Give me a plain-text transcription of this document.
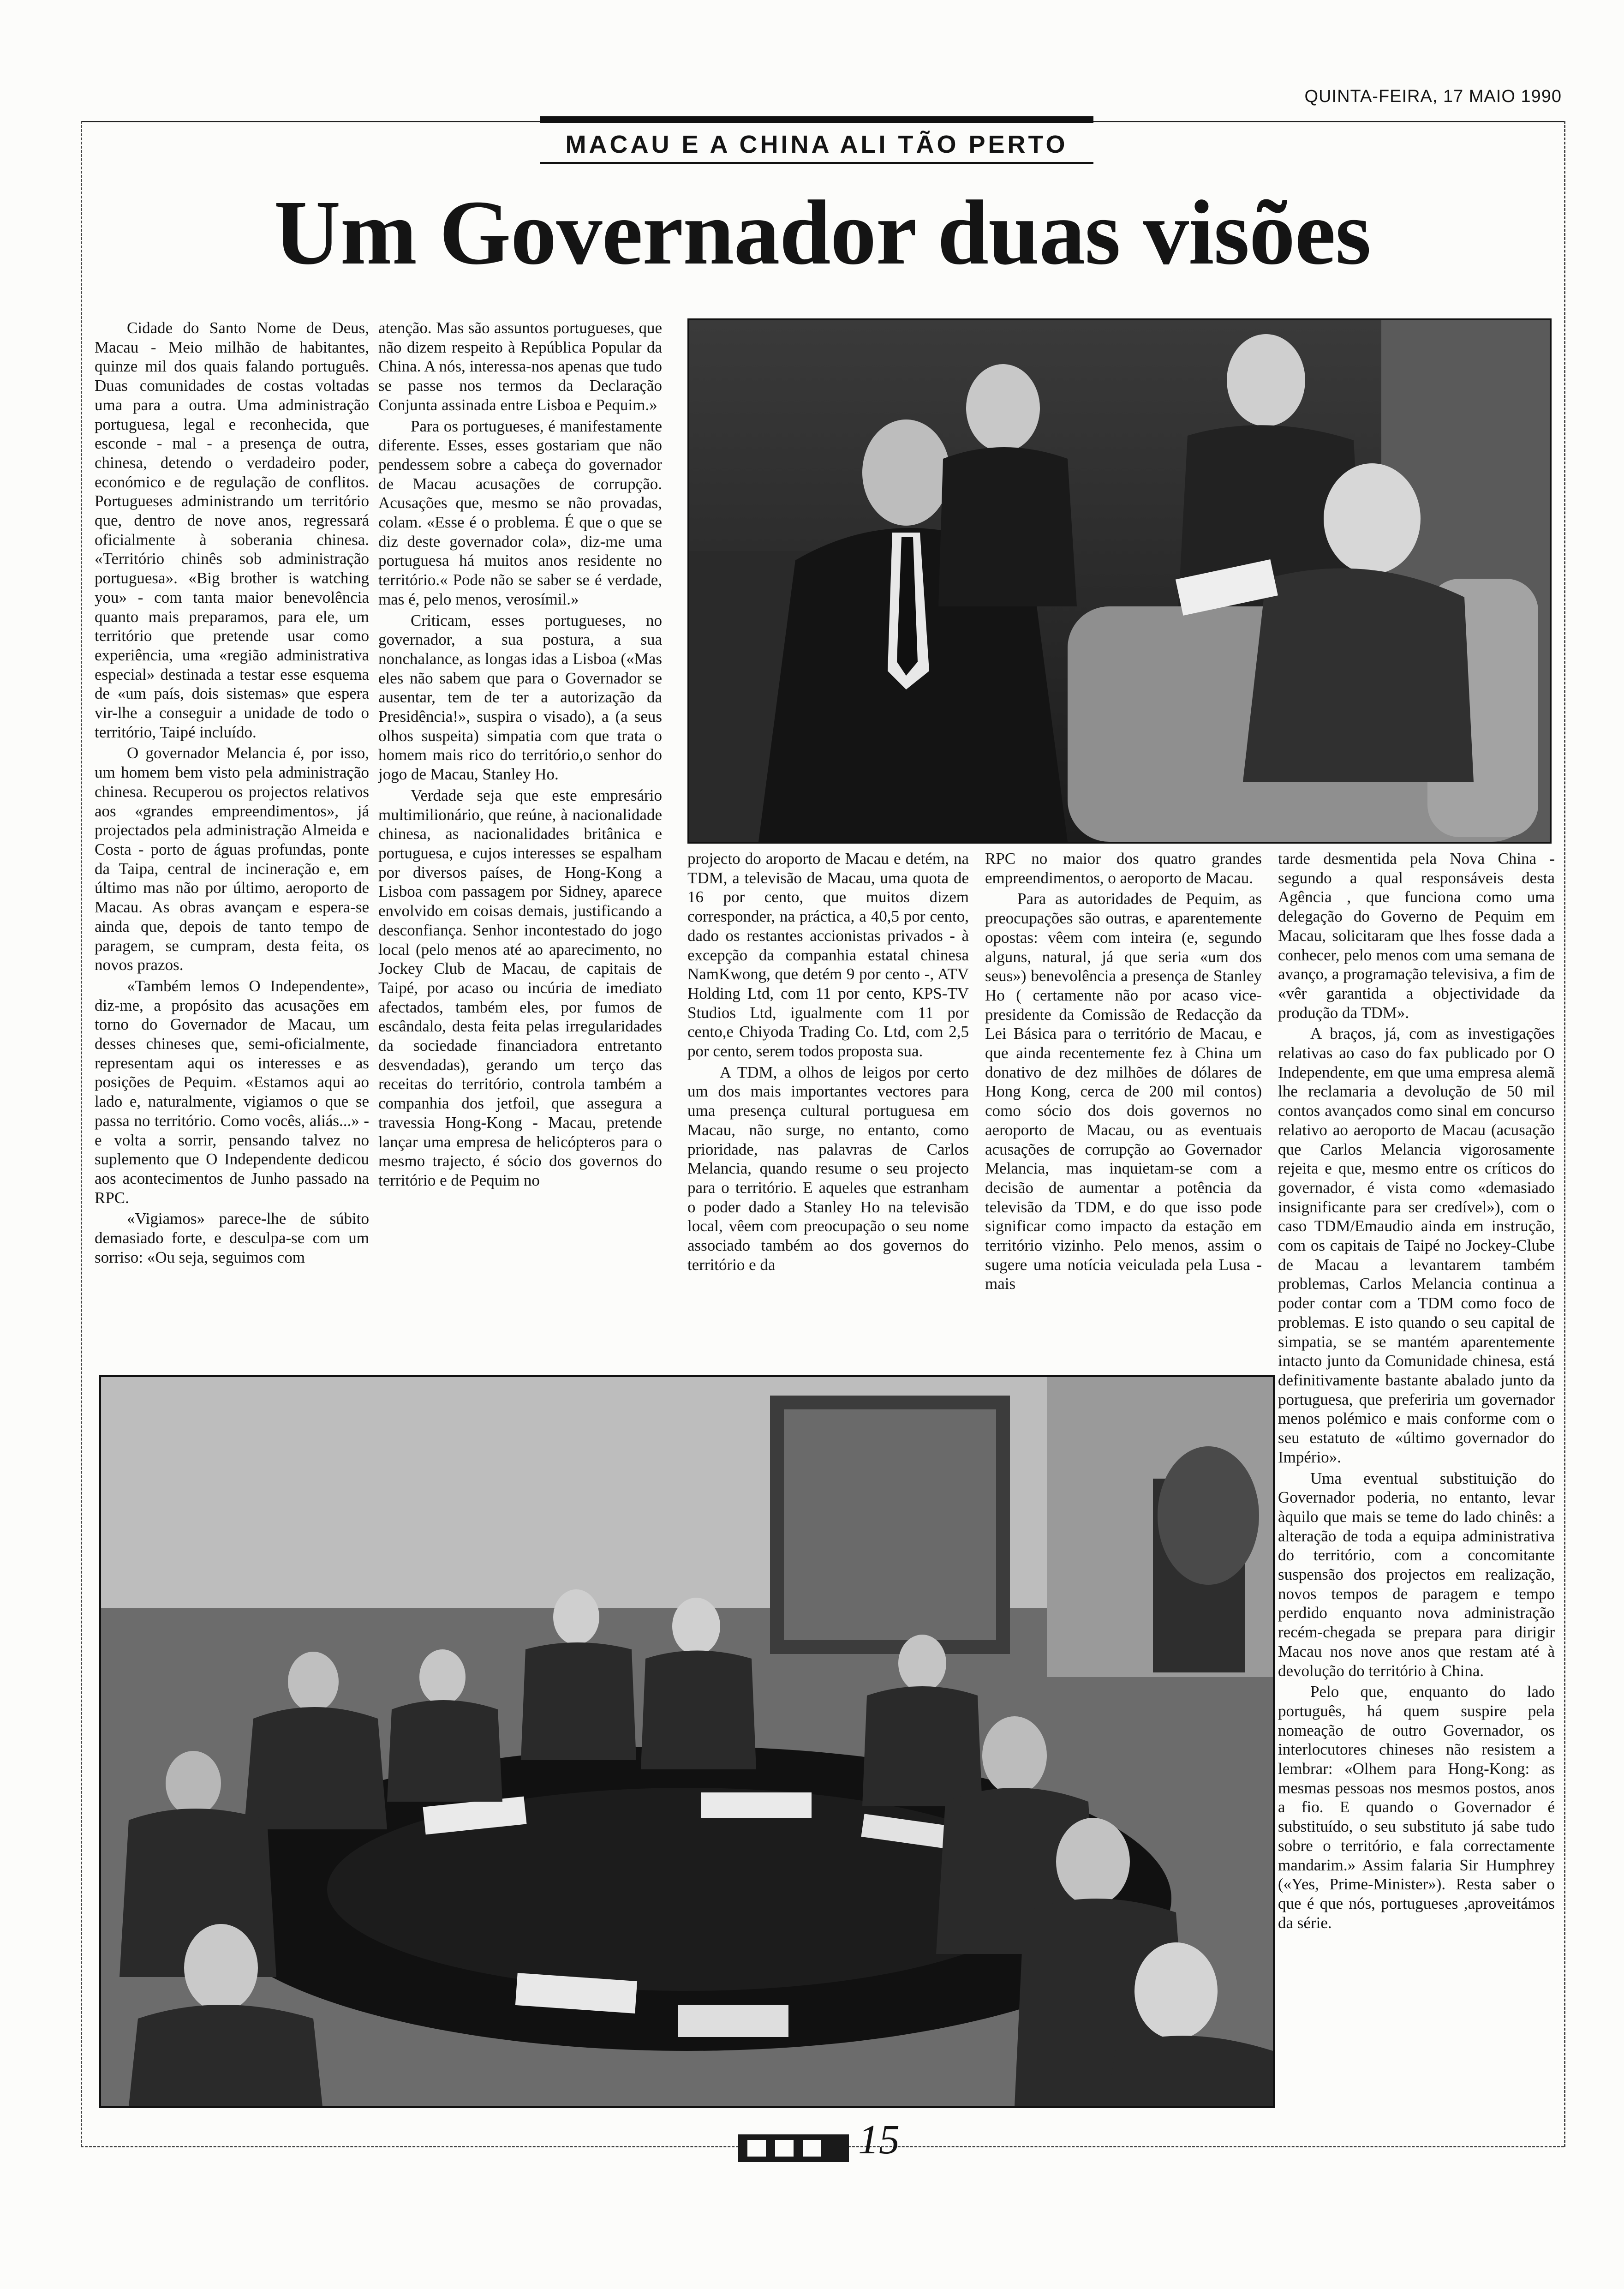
QUINTA-FEIRA, 17 MAIO 1990
MACAU E A CHINA ALI TÃO PERTO
Um Governador duas visões

Cidade do Santo Nome de Deus, Macau - Meio milhão de habitantes, quinze mil dos quais falando português. Duas comunidades de costas voltadas uma para a outra. Uma administração portuguesa, legal e reconhecida, que esconde - mal - a presença de outra, chinesa, detendo o verdadeiro poder, económico e de regulação de conflitos. Portugueses administrando um território que, dentro de nove anos, regressará oficialmente à soberania chinesa. «Território chinês sob administração portuguesa». «Big brother is watching you» - com tanta maior benevolência quanto mais preparamos, para ele, um território que pretende usar como experiência, uma «região administrativa especial» destinada a testar esse esquema de «um país, dois sistemas» que espera vir-lhe a conseguir a unidade de todo o território, Taipé incluído.

O governador Melancia é, por isso, um homem bem visto pela administração chinesa. Recuperou os projectos relativos aos «grandes empreendimentos», já projectados pela administração Almeida e Costa - porto de águas profundas, ponte da Taipa, central de incineração e, em último mas não por último, aeroporto de Macau. As obras avançam e espera-se ainda que, depois de tanto tempo de paragem, se cumpram, desta feita, os novos prazos.

«Também lemos O Independente», diz-me, a propósito das acusações em torno do Governador de Macau, um desses chineses que, semi-oficialmente, representam aqui os interesses e as posições de Pequim. «Estamos aqui ao lado e, naturalmente, vigiamos o que se passa no território. Como vocês, aliás...» - e volta a sorrir, pensando talvez no suplemento que O Independente dedicou aos acontecimentos de Junho passado na RPC.

«Vigiamos» parece-lhe de súbito demasiado forte, e desculpa-se com um sorriso: «Ou seja, seguimos com

atenção. Mas são assuntos portugueses, que não dizem respeito à República Popular da China. A nós, interessa-nos apenas que tudo se passe nos termos da Declaração Conjunta assinada entre Lisboa e Pequim.»

Para os portugueses, é manifestamente diferente. Esses, esses gostariam que não pendessem sobre a cabeça do governador de Macau acusações de corrupção. Acusações que, mesmo se não provadas, colam. «Esse é o problema. É que o que se diz deste governador cola», diz-me uma portuguesa há muitos anos residente no território.« Pode não se saber se é verdade, mas é, pelo menos, verosímil.»

Criticam, esses portugueses, no governador, a sua postura, a sua nonchalance, as longas idas a Lisboa («Mas eles não sabem que para o Governador se ausentar, tem de ter a autorização da Presidência!», suspira o visado), a (a seus olhos suspeita) simpatia com que trata o homem mais rico do território,o senhor do jogo de Macau, Stanley Ho.

Verdade seja que este empresário multimilionário, que reúne, à nacionalidade chinesa, as nacionalidades britânica e portuguesa, e cujos interesses se espalham por diversos países, de Hong-Kong a Lisboa com passagem por Sidney, aparece envolvido em coisas demais, justificando a desconfiança. Senhor incontestado do jogo local (pelo menos até ao aparecimento, no Jockey Club de Macau, de capitais de Taipé, por acaso ou incúria de imediato afectados, também eles, por fumos de escândalo, desta feita pelas irregularidades da sociedade financiadora entretanto desvendadas), gerando um terço das receitas do território, controla também a companhia dos jetfoil, que assegura a travessia Hong-Kong - Macau, pretende lançar uma empresa de helicópteros para o mesmo trajecto, é sócio dos governos do território e de Pequim no

projecto do aroporto de Macau e detém, na TDM, a televisão de Macau, uma quota de 16 por cento, que muitos dizem corresponder, na práctica, a 40,5 por cento, dado os restantes accionistas privados - à excepção da companhia estatal chinesa NamKwong, que detém 9 por cento -, ATV Holding Ltd, com 11 por cento, KPS-TV Studios Ltd, igualmente com 11 por cento,e Chiyoda Trading Co. Ltd, com 2,5 por cento, serem todos proposta sua.

A TDM, a olhos de leigos por certo um dos mais importantes vectores para uma presença cultural portuguesa em Macau, não surge, no entanto, como prioridade, nas palavras de Carlos Melancia, quando resume o seu projecto para o território. E aqueles que estranham o poder dado a Stanley Ho na televisão local, vêem com preocupação o seu nome associado também ao dos governos do território e da

RPC no maior dos quatro grandes empreendimentos, o aeroporto de Macau.

Para as autoridades de Pequim, as preocupações são outras, e aparentemente opostas: vêem com inteira (e, segundo alguns, natural, já que seria «um dos seus») benevolência a presença de Stanley Ho ( certamente não por acaso vice-presidente da Comissão de Redacção da Lei Básica para o território de Macau, e que ainda recentemente fez à China um donativo de dez milhões de dólares de Hong Kong, cerca de 200 mil contos) como sócio dos dois governos no aeroporto de Macau, ou as eventuais acusações de corrupção ao Governador Melancia, mas inquietam-se com a decisão de aumentar a potência da televisão da TDM, e do que isso pode significar como impacto da estação em território vizinho. Pelo menos, assim o sugere uma notícia veiculada pela Lusa - mais

tarde desmentida pela Nova China - segundo a qual responsáveis desta Agência , que funciona como uma delegação do Governo de Pequim em Macau, solicitaram que lhes fosse dada a conhecer, pelo menos com uma semana de avanço, a programação televisiva, a fim de «vêr garantida a objectividade da produção da TDM».

A braços, já, com as investigações relativas ao caso do fax publicado por O Independente, em que uma empresa alemã lhe reclamaria a devolução de 50 mil contos avançados como sinal em concurso relativo ao aeroporto de Macau (acusação que Carlos Melancia vigorosamente rejeita e que, mesmo entre os críticos do governador, é vista como «demasiado insignificante para ser credível»), com o caso TDM/Emaudio ainda em instrução, com os capitais de Taipé no Jockey-Clube de Macau a levantarem também problemas, Carlos Melancia continua a poder contar com a TDM como foco de problemas. E isto quando o seu capital de simpatia, se se mantém aparentemente intacto junto da Comunidade chinesa, está definitivamente bastante abalado junto da portuguesa, que preferiria um governador menos polémico e mais conforme com o seu estatuto de «último governador do Império».

Uma eventual substituição do Governador poderia, no entanto, levar àquilo que mais se teme do lado chinês: a alteração de toda a equipa administrativa do território, com a concomitante suspensão dos projectos em realização, novos tempos de paragem e tempo perdido enquanto nova administração recém-chegada se prepara para dirigir Macau nos nove anos que restam até à devolução do território à China.

Pelo que, enquanto do lado português, há quem suspire pela nomeação de outro Governador, os interlocutores chineses não resistem a lembrar: «Olhem para Hong-Kong: as mesmas pessoas nos mesmos postos, anos a fio. E quando o Governador é substituído, o seu substituto já sabe tudo sobre o território, e fala correctamente mandarim.» Assim falaria Sir Humphrey («Yes, Prime-Minister»). Resta saber o que é que nós, portugueses ,aproveitámos da série.

15
